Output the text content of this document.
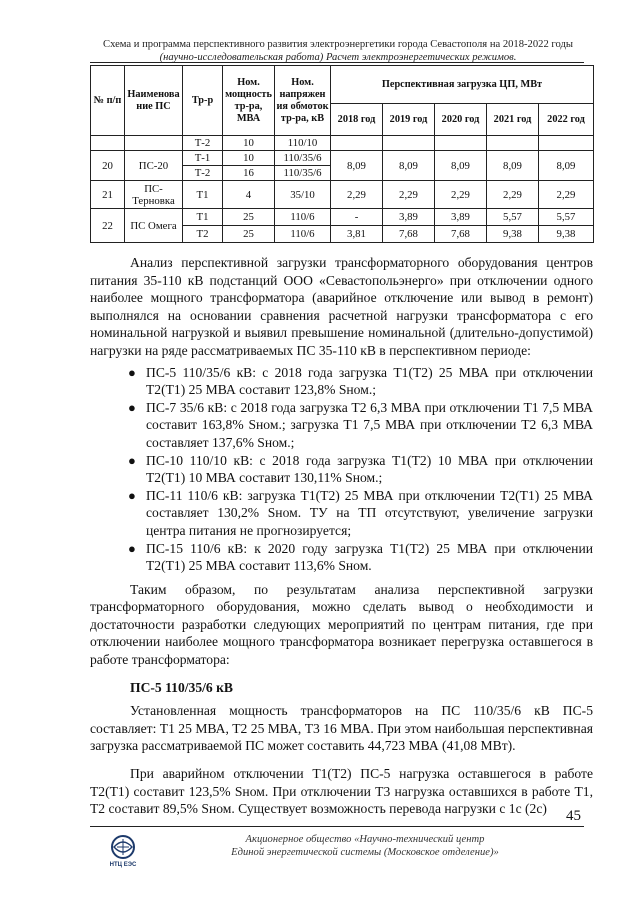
Схема и программа перспективного развития электроэнергетики города Севастополя на 2018-2022 годы
(научно-исследовательская работа) Расчет электроэнергетических режимов.
№ п/п	Наименова ние ПС	Тр-р	Ном. мощность тр-ра, МВА	Ном. напряжен ия обмоток тр-ра, кВ	Перспективная загрузка ЦП, МВт				
					2018 год	2019 год	2020 год	2021 год	2022 год
		Т-2	10	110/10					
20	ПС-20	Т-1	10	110/35/6	8,09	8,09	8,09	8,09	8,09
		Т-2	16	110/35/6					
21	ПС-Терновка	Т1	4	35/10	2,29	2,29	2,29	2,29	2,29
22	ПС Омега	Т1	25	110/6	-	3,89	3,89	5,57	5,57
		Т2	25	110/6	3,81	7,68	7,68	9,38	9,38

Анализ перспективной загрузки трансформаторного оборудования центров питания 35-110 кВ подстанций ООО «Севастопольэнерго» при отключении одного наиболее мощного трансформатора (аварийное отключение или вывод в ремонт) выполнялся на основании сравнения расчетной нагрузки трансформатора с его номинальной нагрузкой и выявил превышение номинальной (длительно-допустимой) нагрузки на ряде рассматриваемых ПС 35-110 кВ в перспективном периоде:

● ПС-5 110/35/6 кВ: с 2018 года загрузка Т1(Т2) 25 МВА при отключении Т2(Т1) 25 МВА составит 123,8% Sном.;
● ПС-7 35/6 кВ: с 2018 года загрузка Т2 6,3 МВА при отключении Т1 7,5 МВА составит 163,8% Sном.; загрузка Т1 7,5 МВА при отключении Т2 6,3 МВА составляет 137,6% Sном.;
● ПС-10 110/10 кВ: с 2018 года загрузка Т1(Т2) 10 МВА при отключении Т2(Т1) 10 МВА составит 130,11% Sном.;
● ПС-11 110/6 кВ: загрузка Т1(Т2) 25 МВА при отключении Т2(Т1) 25 МВА составляет 130,2% Sном. ТУ на ТП отсутствуют, увеличение загрузки центра питания не прогнозируется;
● ПС-15 110/6 кВ: к 2020 году загрузка Т1(Т2) 25 МВА при отключении Т2(Т1) 25 МВА составит 113,6% Sном.

Таким образом, по результатам анализа перспективной загрузки трансформаторного оборудования, можно сделать вывод о необходимости и достаточности разработки следующих мероприятий по центрам питания, где при отключении наиболее мощного трансформатора возникает перегрузка оставшегося в работе трансформатора:

ПС-5 110/35/6 кВ

Установленная мощность трансформаторов на ПС 110/35/6 кВ ПС-5 составляет: Т1 25 МВА, Т2 25 МВА, Т3 16 МВА. При этом наибольшая перспективная загрузка рассматриваемой ПС может составить 44,723 МВА (41,08 МВт).

При аварийном отключении Т1(Т2) ПС-5 нагрузка оставшегося в работе Т2(Т1) составит 123,5% Sном. При отключении Т3 нагрузка оставшихся в работе Т1, Т2 составит 89,5% Sном. Существует возможность перевода нагрузки с 1с (2с)	45
НТЦ ЕЭС
Акционерное общество «Научно-технический центр
Единой энергетической системы (Московское отделение)»
